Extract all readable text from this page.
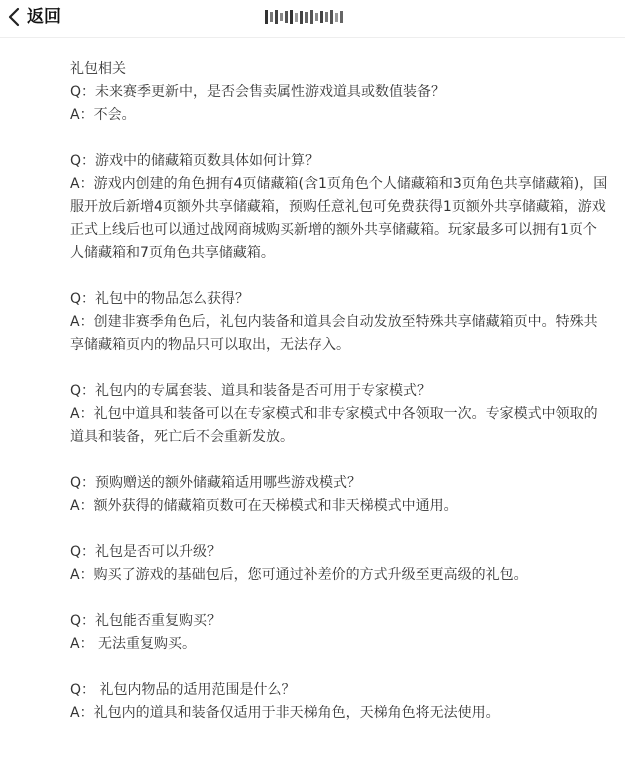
返回

礼包相关

Q：未来赛季更新中，是否会售卖属性游戏道具或数值装备？

A：不会。

Q：游戏中的储藏箱页数具体如何计算？

A：游戏内创建的角色拥有4页储藏箱(含1页角色个人储藏箱和3页角色共享储藏箱)，国服开放后新增4页额外共享储藏箱，预购任意礼包可免费获得1页额外共享储藏箱，游戏正式上线后也可以通过战网商城购买新增的额外共享储藏箱。玩家最多可以拥有1页个人储藏箱和7页角色共享储藏箱。

Q：礼包中的物品怎么获得？

A：创建非赛季角色后，礼包内装备和道具会自动发放至特殊共享储藏箱页中。特殊共享储藏箱页内的物品只可以取出，无法存入。

Q：礼包内的专属套装、道具和装备是否可用于专家模式？

A：礼包中道具和装备可以在专家模式和非专家模式中各领取一次。专家模式中领取的道具和装备，死亡后不会重新发放。

Q：预购赠送的额外储藏箱适用哪些游戏模式？

A：额外获得的储藏箱页数可在天梯模式和非天梯模式中通用。

Q：礼包是否可以升级？

A：购买了游戏的基础包后，您可通过补差价的方式升级至更高级的礼包。

Q：礼包能否重复购买？

A： 无法重复购买。

Q： 礼包内物品的适用范围是什么？

A：礼包内的道具和装备仅适用于非天梯角色，天梯角色将无法使用。
